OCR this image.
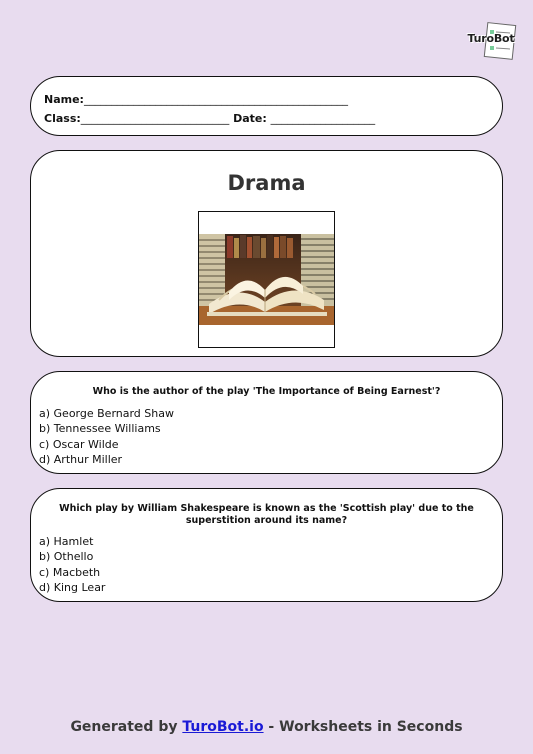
TuroBot
Name:________________________________________________
Class:___________________________ Date: ___________________
Drama
Who is the author of the play 'The Importance of Being Earnest'?
a) George Bernard Shaw
b) Tennessee Williams
c) Oscar Wilde
d) Arthur Miller
Which play by William Shakespeare is known as the 'Scottish play' due to the superstition around its name?
a) Hamlet
b) Othello
c) Macbeth
d) King Lear
Generated by TuroBot.io - Worksheets in Seconds
